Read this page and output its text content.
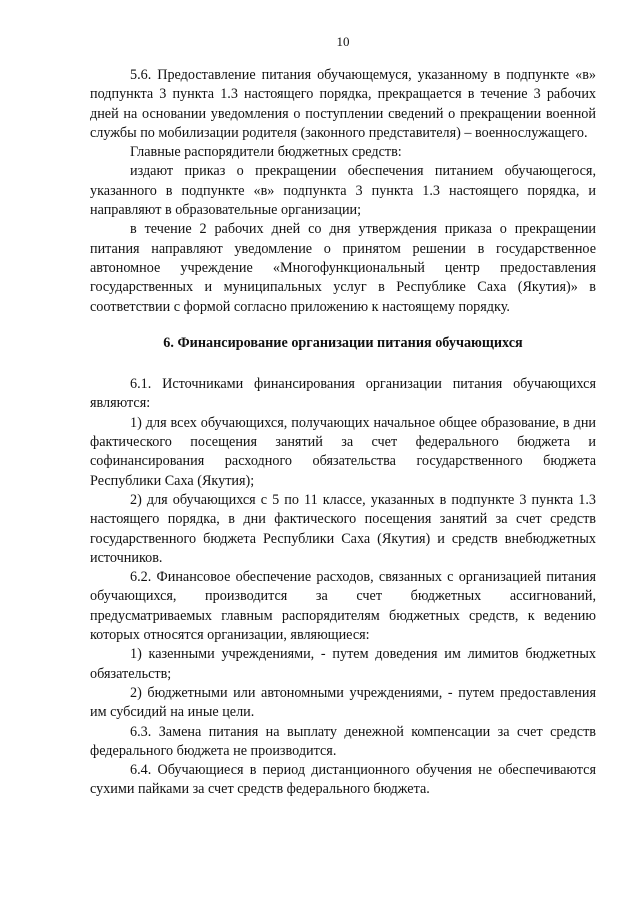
10

5.6. Предоставление питания обучающемуся, указанному в подпункте «в» подпункта 3 пункта 1.3 настоящего порядка, прекращается в течение 3 рабочих дней на основании уведомления о поступлении сведений о прекращении военной службы по мобилизации родителя (законного представителя) – военнослужащего.

Главные распорядители бюджетных средств:

издают приказ о прекращении обеспечения питанием обучающегося, указанного в подпункте «в» подпункта 3 пункта 1.3 настоящего порядка, и направляют в образовательные организации;

в течение 2 рабочих дней со дня утверждения приказа о прекращении питания направляют уведомление о принятом решении в государственное автономное учреждение «Многофункциональный центр предоставления государственных и муниципальных услуг в Республике Саха (Якутия)» в соответствии с формой согласно приложению к настоящему порядку.

6. Финансирование организации питания обучающихся

6.1. Источниками финансирования организации питания обучающихся являются:

1) для всех обучающихся, получающих начальное общее образование, в дни фактического посещения занятий за счет федерального бюджета и софинансирования расходного обязательства государственного бюджета Республики Саха (Якутия);

2) для обучающихся с 5 по 11 классе, указанных в подпункте 3 пункта 1.3 настоящего порядка, в дни фактического посещения занятий за счет средств государственного бюджета Республики Саха (Якутия) и средств внебюджетных источников.

6.2. Финансовое обеспечение расходов, связанных с организацией питания обучающихся, производится за счет бюджетных ассигнований, предусматриваемых главным распорядителям бюджетных средств, к ведению которых относятся организации, являющиеся:

1) казенными учреждениями, - путем доведения им лимитов бюджетных обязательств;

2) бюджетными или автономными учреждениями, - путем предоставления им субсидий на иные цели.

6.3. Замена питания на выплату денежной компенсации за счет средств федерального бюджета не производится.

6.4. Обучающиеся в период дистанционного обучения не обеспечиваются сухими пайками за счет средств федерального бюджета.
